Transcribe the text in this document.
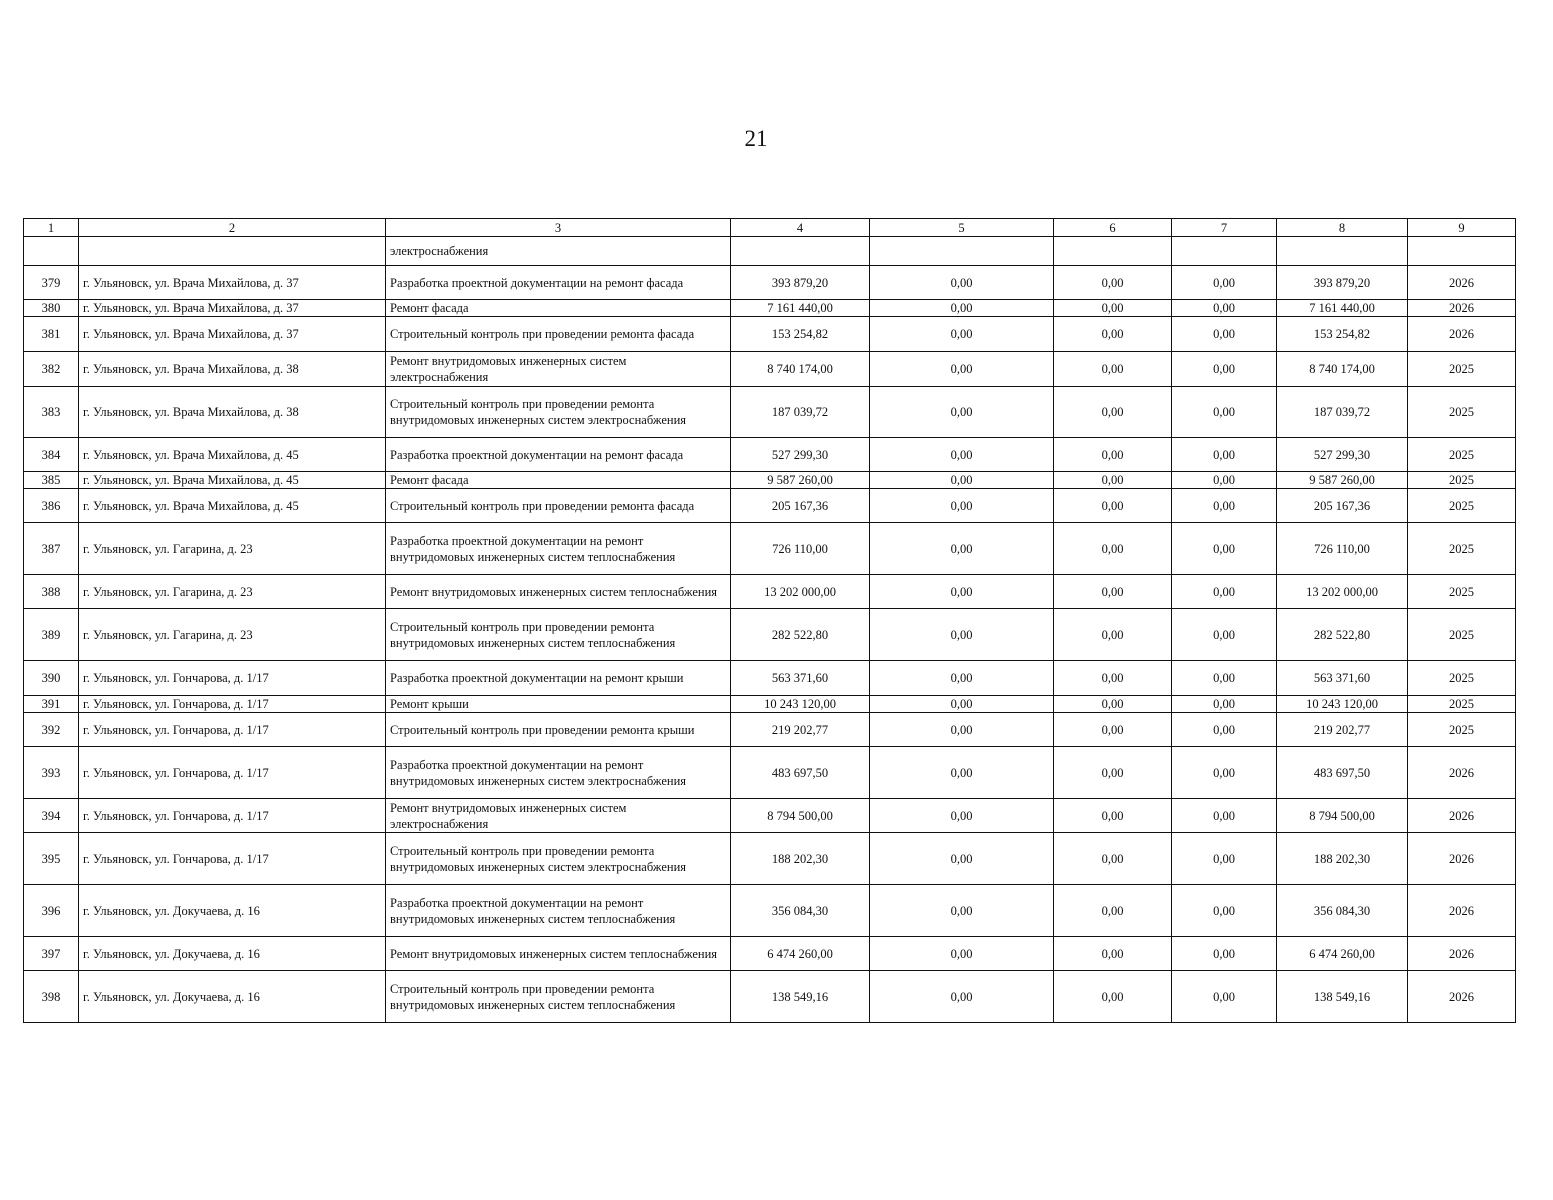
21
1	2	3	4	5	6	7	8	9
		электроснабжения						
379	г. Ульяновск, ул. Врача Михайлова, д. 37	Разработка проектной документации на ремонт фасада	393 879,20	0,00	0,00	0,00	393 879,20	2026
380	г. Ульяновск, ул. Врача Михайлова, д. 37	Ремонт фасада	7 161 440,00	0,00	0,00	0,00	7 161 440,00	2026
381	г. Ульяновск, ул. Врача Михайлова, д. 37	Строительный контроль при проведении ремонта фасада	153 254,82	0,00	0,00	0,00	153 254,82	2026
382	г. Ульяновск, ул. Врача Михайлова, д. 38	Ремонт внутридомовых инженерных систем электроснабжения	8 740 174,00	0,00	0,00	0,00	8 740 174,00	2025
383	г. Ульяновск, ул. Врача Михайлова, д. 38	Строительный контроль при проведении ремонта внутридомовых инженерных систем электроснабжения	187 039,72	0,00	0,00	0,00	187 039,72	2025
384	г. Ульяновск, ул. Врача Михайлова, д. 45	Разработка проектной документации на ремонт фасада	527 299,30	0,00	0,00	0,00	527 299,30	2025
385	г. Ульяновск, ул. Врача Михайлова, д. 45	Ремонт фасада	9 587 260,00	0,00	0,00	0,00	9 587 260,00	2025
386	г. Ульяновск, ул. Врача Михайлова, д. 45	Строительный контроль при проведении ремонта фасада	205 167,36	0,00	0,00	0,00	205 167,36	2025
387	г. Ульяновск, ул. Гагарина, д. 23	Разработка проектной документации на ремонт внутридомовых инженерных систем теплоснабжения	726 110,00	0,00	0,00	0,00	726 110,00	2025
388	г. Ульяновск, ул. Гагарина, д. 23	Ремонт внутридомовых инженерных систем теплоснабжения	13 202 000,00	0,00	0,00	0,00	13 202 000,00	2025
389	г. Ульяновск, ул. Гагарина, д. 23	Строительный контроль при проведении ремонта внутридомовых инженерных систем теплоснабжения	282 522,80	0,00	0,00	0,00	282 522,80	2025
390	г. Ульяновск, ул. Гончарова, д. 1/17	Разработка проектной документации на ремонт крыши	563 371,60	0,00	0,00	0,00	563 371,60	2025
391	г. Ульяновск, ул. Гончарова, д. 1/17	Ремонт крыши	10 243 120,00	0,00	0,00	0,00	10 243 120,00	2025
392	г. Ульяновск, ул. Гончарова, д. 1/17	Строительный контроль при проведении ремонта крыши	219 202,77	0,00	0,00	0,00	219 202,77	2025
393	г. Ульяновск, ул. Гончарова, д. 1/17	Разработка проектной документации на ремонт внутридомовых инженерных систем электроснабжения	483 697,50	0,00	0,00	0,00	483 697,50	2026
394	г. Ульяновск, ул. Гончарова, д. 1/17	Ремонт внутридомовых инженерных систем электроснабжения	8 794 500,00	0,00	0,00	0,00	8 794 500,00	2026
395	г. Ульяновск, ул. Гончарова, д. 1/17	Строительный контроль при проведении ремонта внутридомовых инженерных систем электроснабжения	188 202,30	0,00	0,00	0,00	188 202,30	2026
396	г. Ульяновск, ул. Докучаева, д. 16	Разработка проектной документации на ремонт внутридомовых инженерных систем теплоснабжения	356 084,30	0,00	0,00	0,00	356 084,30	2026
397	г. Ульяновск, ул. Докучаева, д. 16	Ремонт внутридомовых инженерных систем теплоснабжения	6 474 260,00	0,00	0,00	0,00	6 474 260,00	2026
398	г. Ульяновск, ул. Докучаева, д. 16	Строительный контроль при проведении ремонта внутридомовых инженерных систем теплоснабжения	138 549,16	0,00	0,00	0,00	138 549,16	2026
